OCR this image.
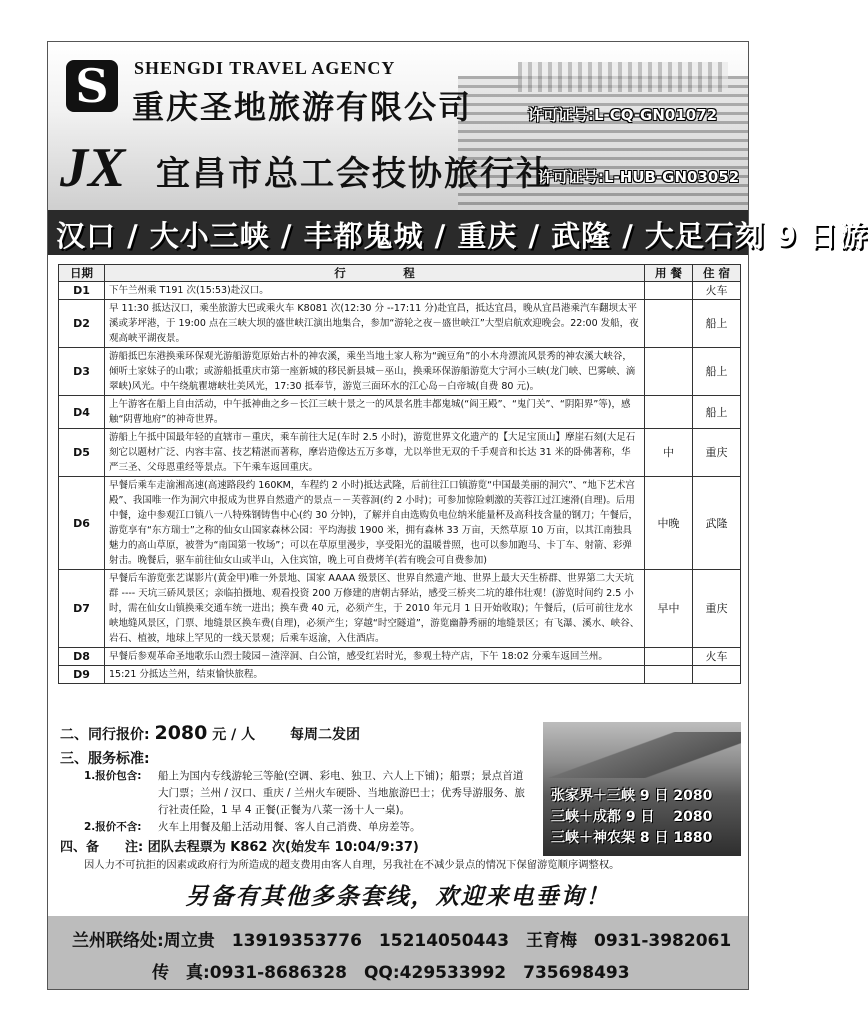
S	SHENGDI TRAVEL AGENCY
重庆圣地旅游有限公司	许可证号:L-CQ-GN01072
JX 宜昌市总工会技协旅行社
许可证号:L-HUB-GN03052
汉口 / 大小三峡 / 丰都鬼城 / 重庆 / 武隆 / 大足石刻 9 日游
日期	行　　　　　程	用 餐	住 宿
D1	下午兰州乘 T191 次(15:53)赴汉口。		火车
D2	早 11:30 抵达汉口，乘坐旅游大巴或乘火车 K8081 次(12:30 分 --17:11 分)赴宜昌，抵达宜昌，晚从宜昌港乘汽车翻坝太平溪或茅坪港，于 19:00 点在三峡大坝的盛世峡江演出地集合，参加“游轮之夜－盛世峡江”大型启航欢迎晚会。22:00 发船，夜观高峡平湖夜景。		船上
D3	游船抵巴东港换乘环保观光游船游览原始古朴的神农溪，乘坐当地土家人称为“豌豆角”的小木舟漂流风景秀的神农溪大峡谷，倾听土家妹子的山歌；或游船抵重庆市第一座新城的移民新县城－巫山，换乘环保游船游览大宁河小三峡(龙门峡、巴雾峡、滴翠峡)风光。中午绕航瞿塘峡壮美风光，17:30 抵奉节，游览三面环水的江心岛－白帝城(自费 80 元)。		船上
D4	上午游客在船上自由活动，中午抵神曲之乡－长江三峡十景之一的风景名胜丰都鬼城(“阎王殿”、“鬼门关”、“阴阳界”等)，感触“阴曹地府”的神奇世界。		船上
D5	游船上午抵中国最年轻的直辖市－重庆，乘车前往大足(车时 2.5 小时)，游览世界文化遗产的【大足宝顶山】摩崖石刻(大足石刻它以题材广泛、内容丰富、技艺精湛而著称，摩岩造像达五万多尊，尤以举世无双的千手观音和长达 31 米的卧佛著称，华严三圣、父母恩重经等景点。下午乘车返回重庆。	中	重庆
D6	早餐后乘车走渝湘高速(高速路段约 160KM，车程约 2 小时)抵达武隆，后前往江口镇游览“中国最美丽的洞穴”、“地下艺术宫殿”、我国唯一作为洞穴申报成为世界自然遗产的景点－－芙蓉洞(约 2 小时)；可参加惊险刺激的芙蓉江过江速滑(自理)。后用中餐，途中参观江口镇八一八特殊钢铸售中心(约 30 分钟)，了解并自由选购负电位纳米能量杯及高科技含量的钢刀；午餐后，游览享有“东方瑞士”之称的仙女山国家森林公园：平均海拔 1900 米，拥有森林 33 万亩，天然草原 10 万亩，以其江南独具魅力的高山草原，被誉为“南国第一牧场”；可以在草原里漫步，享受阳光的温暖普照，也可以参加跑马、卡丁车、射箭、彩弹射击。晚餐后，驱车前往仙女山或半山，入住宾馆，晚上可自费烤羊(若有晚会可自费参加)	中晚	武隆
D7	早餐后车游览张艺谋影片(黄金甲)唯一外景地、国家 AAAA 级景区、世界自然遗产地、世界上最大天生桥群、世界第二大天坑群 ---- 天坑三硚风景区；亲临拍摄地、观看投资 200 万修建的唐朝古驿站，感受三桥夹二坑的雄伟壮观！(游览时间约 2.5 小时，需在仙女山镇换乘交通车统一进出；换车费 40 元，必须产生，于 2010 年元月 1 日开始收取)；午餐后，(后可前往龙水峡地缝风景区，门票、地缝景区换车费(自理)，必须产生；穿越“时空隧道”，游览幽静秀丽的地缝景区；有飞瀑、溪水、峡谷、岩石、植被，地球上罕见的一线天景观；后乘车返渝，入住酒店。	早中	重庆
D8	早餐后参观革命圣地歌乐山烈士陵园－渣滓洞、白公馆，感受红岩时光，参观土特产店，下午 18:02 分乘车返回兰州。		火车
D9	15:21 分抵达兰州，结束愉快旅程。		
二、同行报价: 2080 元 / 人 每周二发团
三、服务标准:
1.报价包含: 船上为国内专线游轮三等舱(空调、彩电、独卫、六人上下铺)；船票；景点首道
大门票；兰州 / 汉口、重庆 / 兰州火车硬卧、当地旅游巴士；优秀导游服务、旅
行社责任险，1 早 4 正餐(正餐为八菜一汤十人一桌)。
2.报价不含: 火车上用餐及船上活动用餐、客人自己消费、单房差等。
四、备　　注: 团队去程票为 K862 次(始发车 10:04/9:37)
因人力不可抗拒的因素或政府行为所造成的超支费用由客人自理，另我社在不减少景点的情况下保留游览顺序调整权。
张家界＋三峡 9 日 2080
三峡＋成都 9 日　 2080
三峡＋神农架 8 日 1880
另备有其他多条套线，欢迎来电垂询！
兰州联络处:周立贵　13919353776　15214050443　王育梅　0931-3982061
传　真:0931-8686328　QQ:429533992　735698493
